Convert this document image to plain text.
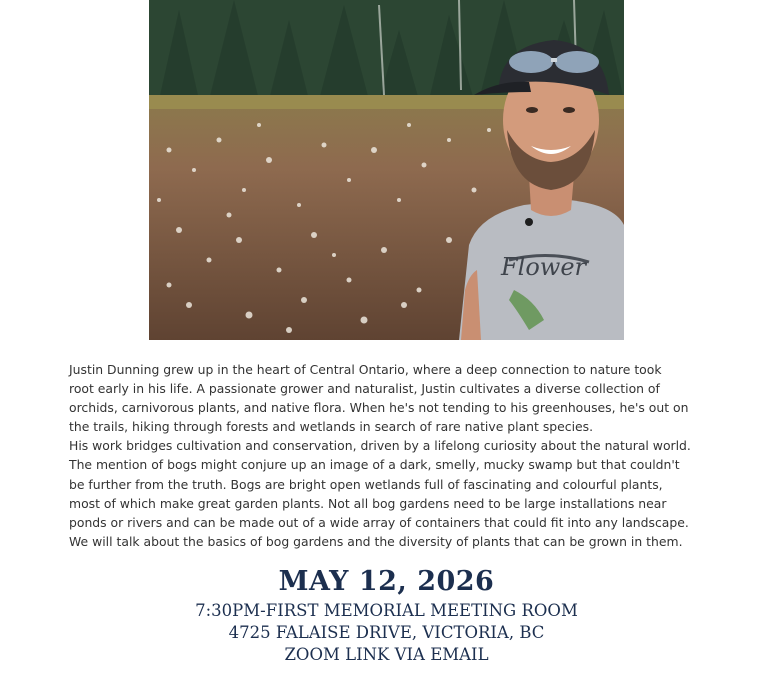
Flower

Justin Dunning grew up in the heart of Central Ontario, where a deep connection to nature took

root early in his life. A passionate grower and naturalist, Justin cultivates a diverse collection of

orchids, carnivorous plants, and native flora. When he's not tending to his greenhouses, he's out on

the trails, hiking through forests and wetlands in search of rare native plant species.

His work bridges cultivation and conservation, driven by a lifelong curiosity about the natural world.

The mention of bogs might conjure up an image of a dark, smelly, mucky swamp but that couldn't

be further from the truth. Bogs are bright open wetlands full of fascinating and colourful plants,

most of which make great garden plants. Not all bog gardens need to be large installations near

ponds or rivers and can be made out of a wide array of containers that could fit into any landscape.

We will talk about the basics of bog gardens and the diversity of plants that can be grown in them.

MAY 12, 2026

7:30PM-FIRST MEMORIAL MEETING ROOM

4725 FALAISE DRIVE, VICTORIA, BC

ZOOM LINK VIA EMAIL
